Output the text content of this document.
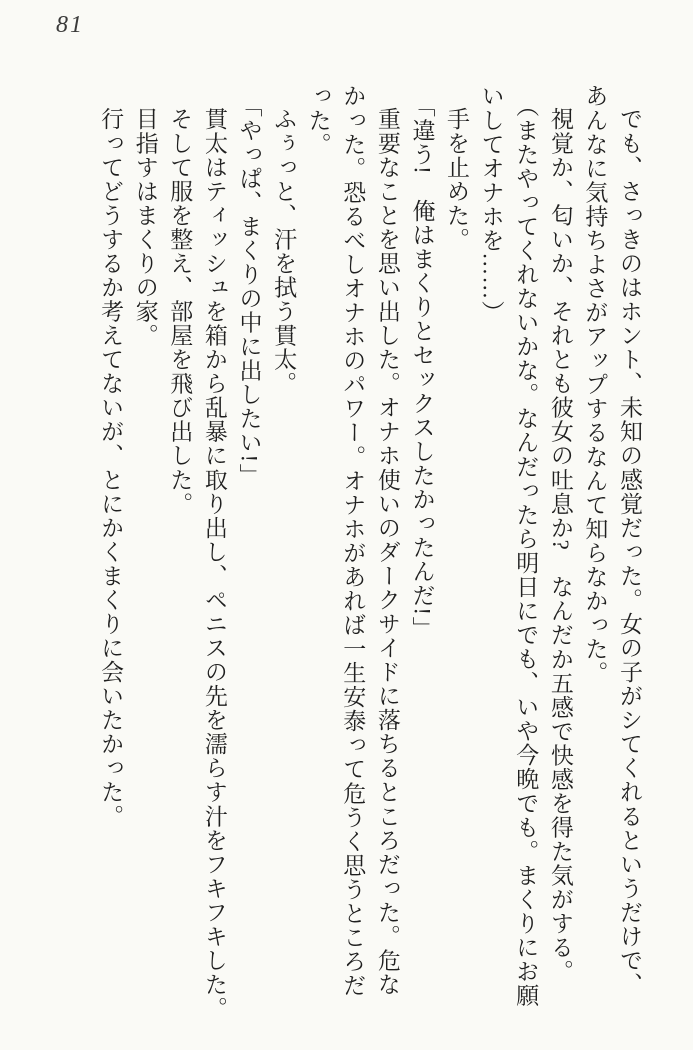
81
でも、さっきのはホント、未知の感覚だった。女の子がシてくれるというだけで、
あんなに気持ちよさがアップするなんて知らなかった。
視覚か、匂いか、それとも彼女の吐息か?　なんだか五感で快感を得た気がする。
（またやってくれないかな。なんだったら明日にでも、いや今晩でも。まくりにお願
いしてオナホを……）
手を止めた。
「違う!　俺はまくりとセックスしたかったんだ!」
重要なことを思い出した。オナホ使いのダークサイドに落ちるところだった。危な
かった。恐るべしオナホのパワー。オナホがあれば一生安泰って危うく思うところだ
った。
ふぅっと、汗を拭う貫太。
「やっぱ、まくりの中に出したい!」
貫太はティッシュを箱から乱暴に取り出し、ペニスの先を濡らす汁をフキフキした。
そして服を整え、部屋を飛び出した。
目指すはまくりの家。
行ってどうするか考えてないが、とにかくまくりに会いたかった。
